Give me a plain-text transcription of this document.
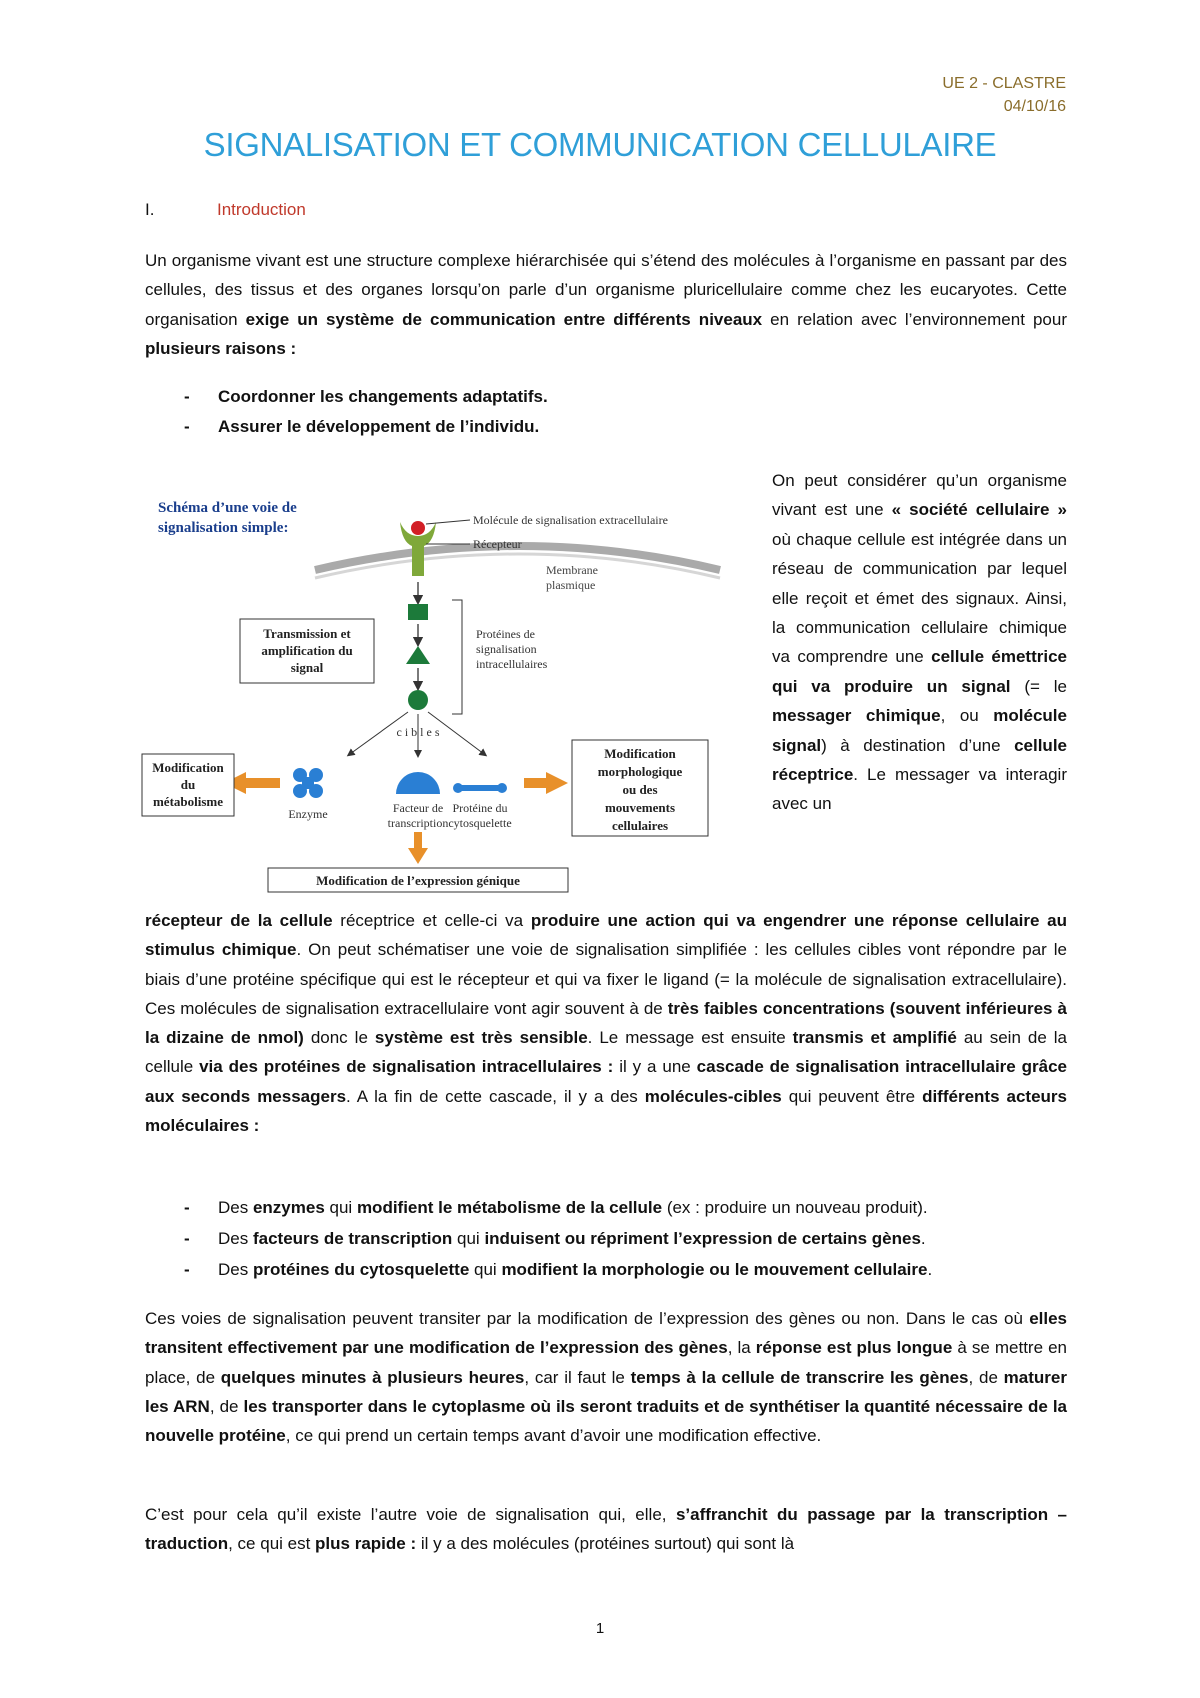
UE 2 - CLASTRE
04/10/16
SIGNALISATION ET COMMUNICATION CELLULAIRE
I.	Introduction

Un organisme vivant est une structure complexe hiérarchisée qui s’étend des molécules à l’organisme en passant par des cellules, des tissus et des organes lorsqu’on parle d’un organisme pluricellulaire comme chez les eucaryotes. Cette organisation exige un système de communication entre différents niveaux en relation avec l’environnement pour plusieurs raisons :

- Coordonner les changements adaptatifs.
- Assurer le développement de l’individu.
Schéma d’une voie de
signalisation simple:	Molécule de signalisation extracellulaire
Récepteur
Membrane
plasmique
Protéines de
signalisation
intracellulaires
Transmission et
amplification du
signal
c i b l e s
Enzyme	Facteur de
transcription
Protéine du
cytosquelette
Modification
du
métabolisme
Modification
morphologique
ou des
mouvements
cellulaires
Modification de l’expression génique

On peut considérer qu’un organisme vivant est une « société cellulaire » où chaque cellule est intégrée dans un réseau de communication par lequel elle reçoit et émet des signaux. Ainsi, la communication cellulaire chimique va comprendre une cellule émettrice qui va produire un signal (= le messager chimique, ou molécule signal) à destination d’une cellule réceptrice. Le messager va interagir avec un

récepteur de la cellule réceptrice et celle-ci va produire une action qui va engendrer une réponse cellulaire au stimulus chimique. On peut schématiser une voie de signalisation simplifiée : les cellules cibles vont répondre par le biais d’une protéine spécifique qui est le récepteur et qui va fixer le ligand (= la molécule de signalisation extracellulaire). Ces molécules de signalisation extracellulaire vont agir souvent à de très faibles concentrations (souvent inférieures à la dizaine de nmol) donc le système est très sensible. Le message est ensuite transmis et amplifié au sein de la cellule via des protéines de signalisation intracellulaires : il y a une cascade de signalisation intracellulaire grâce aux seconds messagers. A la fin de cette cascade, il y a des molécules-cibles qui peuvent être différents acteurs moléculaires :

- Des enzymes qui modifient le métabolisme de la cellule (ex : produire un nouveau produit).
- Des facteurs de transcription qui induisent ou répriment l’expression de certains gènes.
- Des protéines du cytosquelette qui modifient la morphologie ou le mouvement cellulaire.

Ces voies de signalisation peuvent transiter par la modification de l’expression des gènes ou non. Dans le cas où elles transitent effectivement par une modification de l’expression des gènes, la réponse est plus longue à se mettre en place, de quelques minutes à plusieurs heures, car il faut le temps à la cellule de transcrire les gènes, de maturer les ARN, de les transporter dans le cytoplasme où ils seront traduits et de synthétiser la quantité nécessaire de la nouvelle protéine, ce qui prend un certain temps avant d’avoir une modification effective.

C’est pour cela qu’il existe l’autre voie de signalisation qui, elle, s’affranchit du passage par la transcription – traduction, ce qui est plus rapide : il y a des molécules (protéines surtout) qui sont là

1
